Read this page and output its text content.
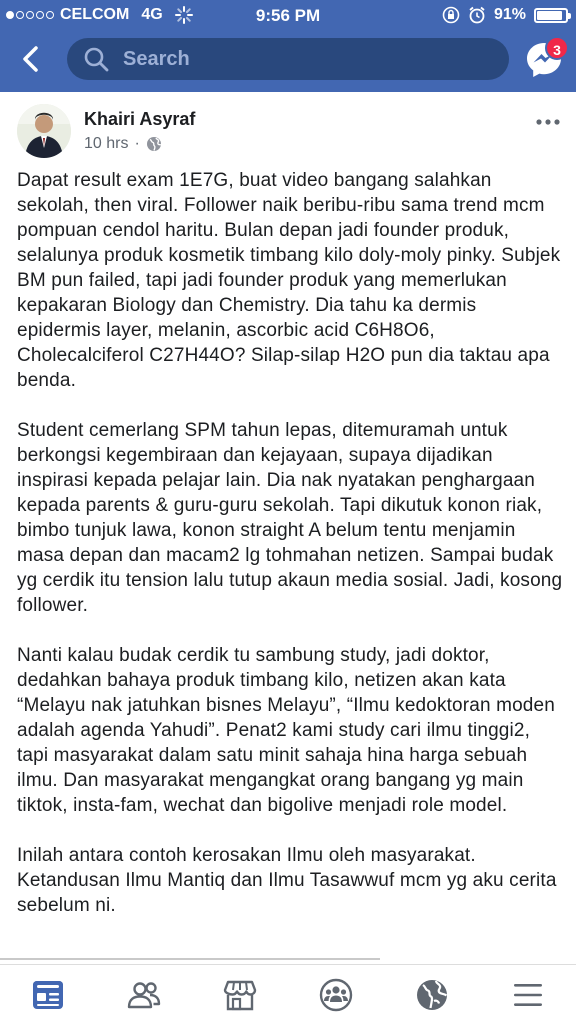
CELCOM 4G	9:56 PM	91%
Search	3
Khairi Asyraf
10 hrs ·

Dapat result exam 1E7G, buat video bangang salahkan sekolah, then viral. Follower naik beribu-ribu sama trend mcm pompuan cendol haritu. Bulan depan jadi founder produk, selalunya produk kosmetik timbang kilo doly-moly pinky. Subjek BM pun failed, tapi jadi founder produk yang memerlukan kepakaran Biology dan Chemistry. Dia tahu ka dermis epidermis layer, melanin, ascorbic acid C6H8O6, Cholecalciferol C27H44O? Silap-silap H2O pun dia taktau apa benda.

Student cemerlang SPM tahun lepas, ditemuramah untuk berkongsi kegembiraan dan kejayaan, supaya dijadikan inspirasi kepada pelajar lain. Dia nak nyatakan penghargaan kepada parents & guru-guru sekolah. Tapi dikutuk konon riak, bimbo tunjuk lawa, konon straight A belum tentu menjamin masa depan dan macam2 lg tohmahan netizen. Sampai budak yg cerdik itu tension lalu tutup akaun media sosial. Jadi, kosong follower.

Nanti kalau budak cerdik tu sambung study, jadi doktor, dedahkan bahaya produk timbang kilo, netizen akan kata “Melayu nak jatuhkan bisnes Melayu”, “Ilmu kedoktoran moden adalah agenda Yahudi”. Penat2 kami study cari ilmu tinggi2, tapi masyarakat dalam satu minit sahaja hina harga sebuah ilmu. Dan masyarakat mengangkat orang bangang yg main tiktok, insta-fam, wechat dan bigolive menjadi role model.

Inilah antara contoh kerosakan Ilmu oleh masyarakat. Ketandusan Ilmu Mantiq dan Ilmu Tasawwuf mcm yg aku cerita sebelum ni.
